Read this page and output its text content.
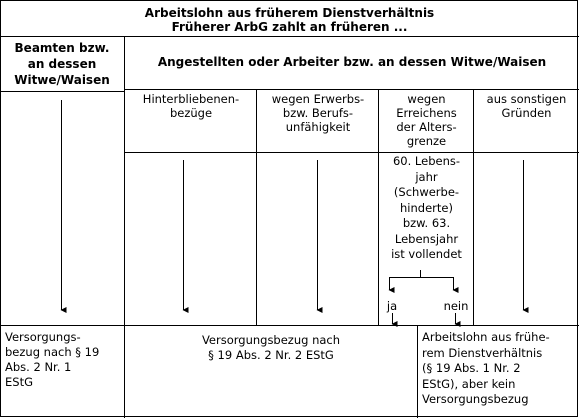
Arbeitslohn aus früherem Dienstverhältnis
Früherer ArbG zahlt an früheren ...
Beamten bzw.
an dessen
Witwe/Waisen
Angestellten oder Arbeiter bzw. an dessen Witwe/Waisen
Hinterbliebenen-
bezüge
wegen Erwerbs-
bzw. Berufs-
unfähigkeit
wegen
Erreichens
der Alters-
grenze
aus sonstigen
Gründen
60. Lebens-
jahr
(Schwerbe-
hinderte)
bzw. 63.
Lebensjahr
ist vollendet
ja	nein
Versorgungs-
bezug nach § 19
Abs. 2 Nr. 1
EStG
Versorgungsbezug nach
§ 19 Abs. 2 Nr. 2 EStG
Arbeitslohn aus frühe-
rem Dienstverhältnis
(§ 19 Abs. 1 Nr. 2
EStG), aber kein
Versorgungsbezug
